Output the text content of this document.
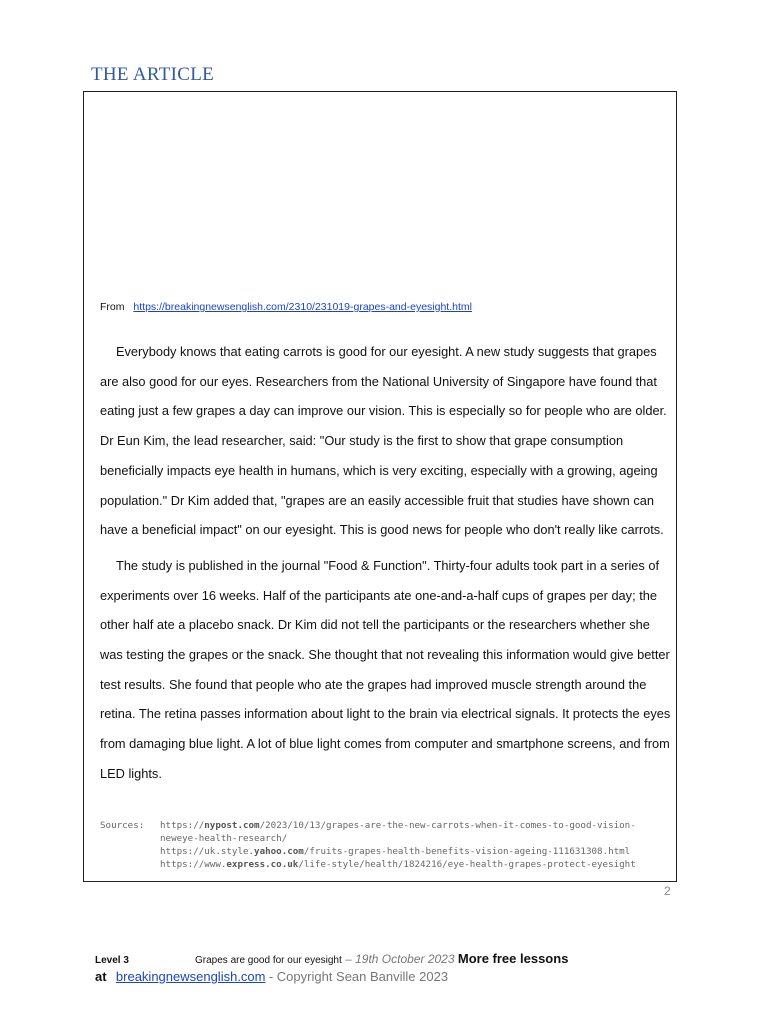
THE ARTICLE
From https://breakingnewsenglish.com/2310/231019-grapes-and-eyesight.html

Everybody knows that eating carrots is good for our eyesight. A new study suggests that grapes are also good for our eyes. Researchers from the National University of Singapore have found that eating just a few grapes a day can improve our vision. This is especially so for people who are older. Dr Eun Kim, the lead researcher, said: "Our study is the first to show that grape consumption beneficially impacts eye health in humans, which is very exciting, especially with a growing, ageing population." Dr Kim added that, "grapes are an easily accessible fruit that studies have shown can have a beneficial impact" on our eyesight. This is good news for people who don't really like carrots.

The study is published in the journal "Food & Function". Thirty-four adults took part in a series of experiments over 16 weeks. Half of the participants ate one-and-a-half cups of grapes per day; the other half ate a placebo snack. Dr Kim did not tell the participants or the researchers whether she was testing the grapes or the snack. She thought that not revealing this information would give better test results. She found that people who ate the grapes had improved muscle strength around the retina. The retina passes information about light to the brain via electrical signals. It protects the eyes from damaging blue light. A lot of blue light comes from computer and smartphone screens, and from LED lights.

Sources:	https://nypost.com/2023/10/13/grapes-are-the-new-carrots-when-it-comes-to-good-vision-neweye-health-research/
https://uk.style.yahoo.com/fruits-grapes-health-benefits-vision-ageing-111631308.html
https://www.express.co.uk/life-style/health/1824216/eye-health-grapes-protect-eyesight
2
Level 3	Grapes are good for our eyesight – 19th October 2023 More free lessons
at breakingnewsenglish.com - Copyright Sean Banville 2023
